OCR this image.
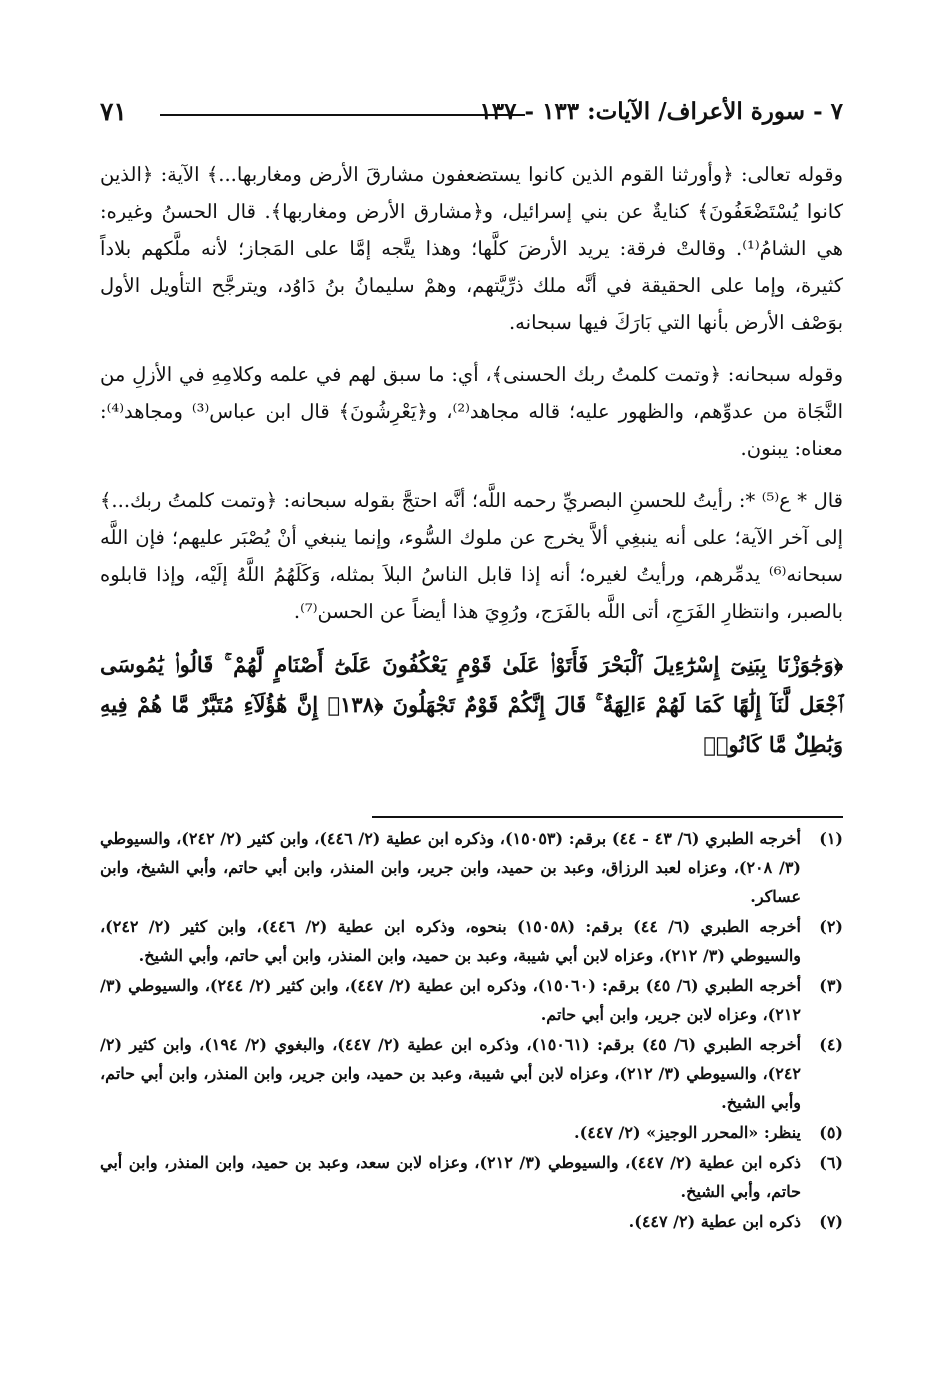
٧١	٧ - سورة الأعراف/ الآيات: ١٣٣ - ١٣٧

وقوله تعالى: ﴿وأورثنا القوم الذين كانوا يستضعفون مشارقَ الأرض ومغاربها...﴾ الآية: ﴿الذين كانوا يُسْتَضْعَفُونَ﴾ كنايةٌ عن بني إسرائيل، و﴿مشارق الأرض ومغاربها﴾. قال الحسنُ وغيره: هي الشامُ⁽¹⁾. وقالتْ فرقة: يريد الأرضَ كلَّها؛ وهذا يتَّجه إمَّا على المَجاز؛ لأنه ملَّكهم بلاداً كثيرة، وإما على الحقيقة في أنَّه ملك ذرِّيَّتهم، وهمْ سليمانُ بنُ دَاوُد، ويترجَّح التأويل الأول بوَصْف الأرض بأنها التي بَارَكَ فيها سبحانه.

وقوله سبحانه: ﴿وتمت كلمتُ ربك الحسنى﴾، أي: ما سبق لهم في علمه وكلامِهِ في الأزلِ من النَّجَاة من عدوِّهم، والظهور عليه؛ قاله مجاهد⁽²⁾، و﴿يَعْرِشُونَ﴾ قال ابن عباس⁽³⁾ ومجاهد⁽⁴⁾: معناه: يبنون.

قال * ع⁽⁵⁾ *: رأيتُ للحسنِ البصريِّ رحمه اللَّه؛ أنَّه احتجَّ بقوله سبحانه: ﴿وتمت كلمتُ ربك...﴾ إلى آخر الآية؛ على أنه ينبغِي ألاَّ يخرج عن ملوك السُّوء، وإنما ينبغي أنْ يُصْبَر عليهم؛ فإن اللَّه سبحانه⁽⁶⁾ يدمِّرهم، ورأيتُ لغيره؛ أنه إذا قابل الناسُ البلاَ بمثله، وَكَلَهُمُ اللَّهُ إلَيْه، وإذا قابلوه بالصبر، وانتظارِ الفَرَجِ، أتى اللَّه بالفَرَج، ورُوِيَ هذا أيضاً عن الحسن⁽⁷⁾.

﴿وَجَٰوَزْنَا بِبَنِىٓ إِسْرَٰٓءِيلَ ٱلْبَحْرَ فَأَتَوْا۟ عَلَىٰ قَوْمٍ يَعْكُفُونَ عَلَىٰٓ أَصْنَامٍ لَّهُمْ ۚ قَالُوا۟ يَٰمُوسَى ٱجْعَل لَّنَآ إِلَٰهًا كَمَا لَهُمْ ءَالِهَةٌ ۚ قَالَ إِنَّكُمْ قَوْمٌ تَجْهَلُونَ ﴿١٣٨﴾ إِنَّ هَٰٓؤُلَآءِ مُتَبَّرٌ مَّا هُمْ فِيهِ وَبَٰطِلٌ مَّا كَانُوا۟

(١)
أخرجه الطبري (٦/ ٤٣ - ٤٤) برقم: (١٥٠٥٣)، وذكره ابن عطية (٢/ ٤٤٦)، وابن كثير (٢/ ٢٤٢)، والسيوطي (٣/ ٢٠٨)، وعزاه لعبد الرزاق، وعبد بن حميد، وابن جرير، وابن المنذر، وابن أبي حاتم، وأبي الشيخ، وابن عساكر.
(٢)
أخرجه الطبري (٦/ ٤٤) برقم: (١٥٠٥٨) بنحوه، وذكره ابن عطية (٢/ ٤٤٦)، وابن كثير (٢/ ٢٤٢)، والسيوطي (٣/ ٢١٢)، وعزاه لابن أبي شيبة، وعبد بن حميد، وابن المنذر، وابن أبي حاتم، وأبي الشيخ.
(٣)
أخرجه الطبري (٦/ ٤٥) برقم: (١٥٠٦٠)، وذكره ابن عطية (٢/ ٤٤٧)، وابن كثير (٢/ ٢٤٤)، والسيوطي (٣/ ٢١٢)، وعزاه لابن جرير، وابن أبي حاتم.
(٤)
أخرجه الطبري (٦/ ٤٥) برقم: (١٥٠٦١)، وذكره ابن عطية (٢/ ٤٤٧)، والبغوي (٢/ ١٩٤)، وابن كثير (٢/ ٢٤٢)، والسيوطي (٣/ ٢١٢)، وعزاه لابن أبي شيبة، وعبد بن حميد، وابن جرير، وابن المنذر، وابن أبي حاتم، وأبي الشيخ.
(٥)
ينظر: «المحرر الوجيز» (٢/ ٤٤٧).
(٦)
ذكره ابن عطية (٢/ ٤٤٧)، والسيوطي (٣/ ٢١٢)، وعزاه لابن سعد، وعبد بن حميد، وابن المنذر، وابن أبي حاتم، وأبي الشيخ.
(٧)
ذكره ابن عطية (٢/ ٤٤٧).
